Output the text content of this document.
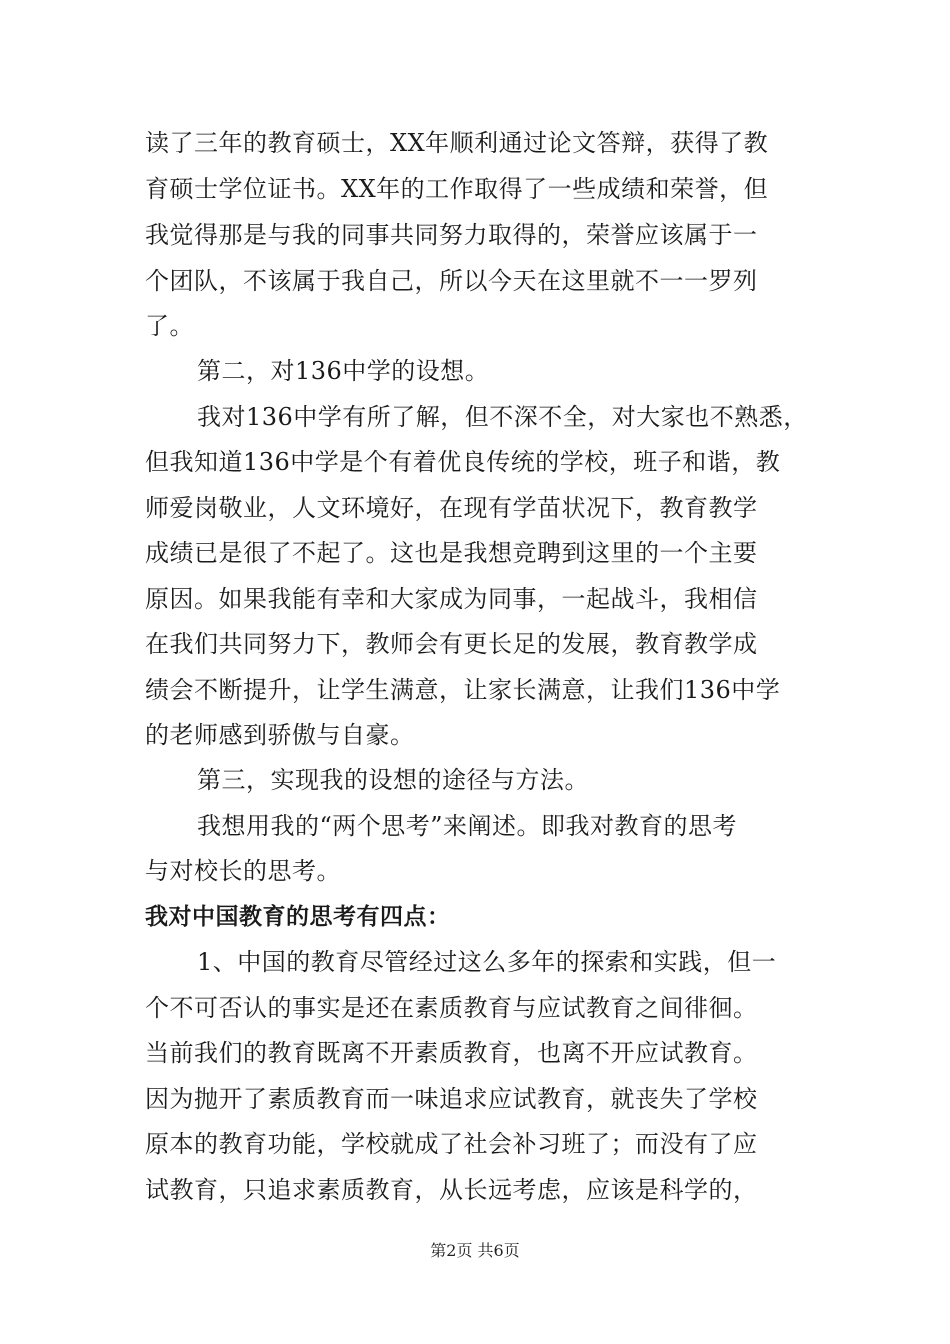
读了三年的教育硕士，XX年顺利通过论文答辩，获得了教
育硕士学位证书。XX年的工作取得了一些成绩和荣誉，但
我觉得那是与我的同事共同努力取得的，荣誉应该属于一
个团队，不该属于我自己，所以今天在这里就不一一罗列
了。
第二，对136中学的设想。
我对136中学有所了解，但不深不全，对大家也不熟悉，
但我知道136中学是个有着优良传统的学校，班子和谐，教
师爱岗敬业，人文环境好，在现有学苗状况下，教育教学
成绩已是很了不起了。这也是我想竞聘到这里的一个主要
原因。如果我能有幸和大家成为同事，一起战斗，我相信
在我们共同努力下，教师会有更长足的发展，教育教学成
绩会不断提升，让学生满意，让家长满意，让我们136中学
的老师感到骄傲与自豪。
第三，实现我的设想的途径与方法。
我想用我的“两个思考”来阐述。即我对教育的思考
与对校长的思考。
我对中国教育的思考有四点：
1、中国的教育尽管经过这么多年的探索和实践，但一
个不可否认的事实是还在素质教育与应试教育之间徘徊。
当前我们的教育既离不开素质教育，也离不开应试教育。
因为抛开了素质教育而一味追求应试教育，就丧失了学校
原本的教育功能，学校就成了社会补习班了；而没有了应
试教育，只追求素质教育，从长远考虑，应该是科学的，
第2页 共6页
